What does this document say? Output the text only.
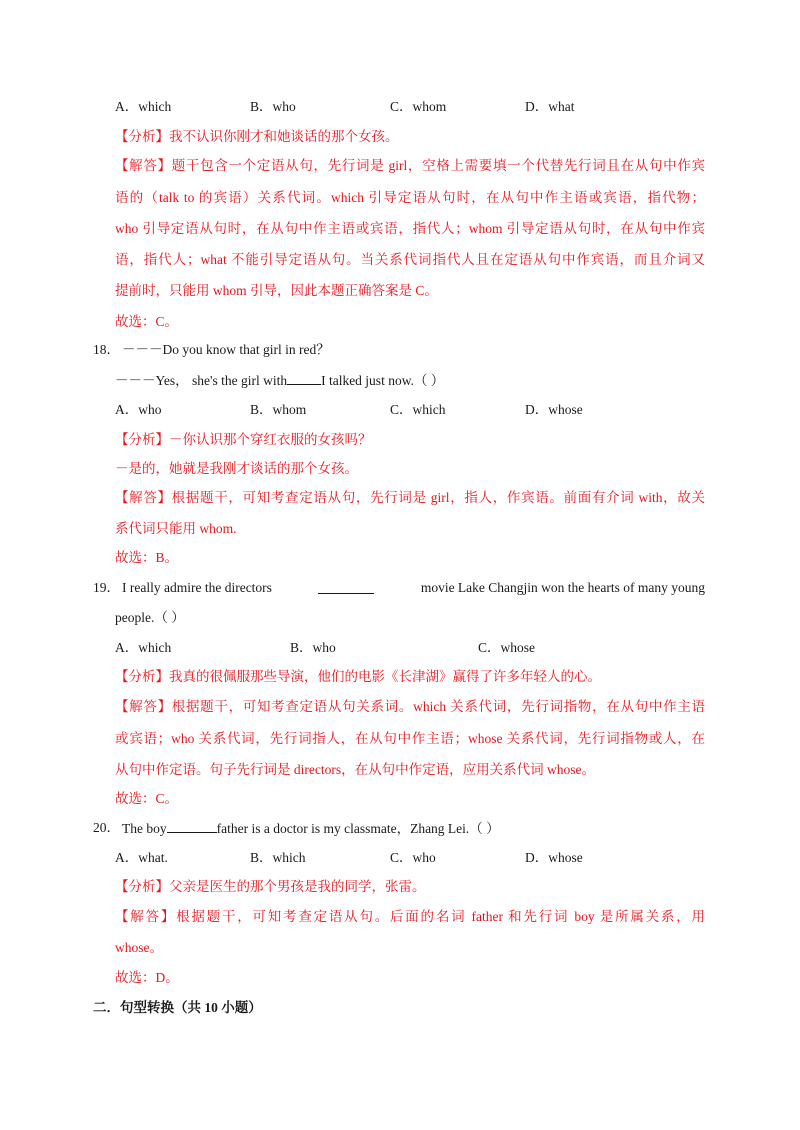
A．which	B．who	C．whom	D．what
【分析】我不认识你刚才和她谈话的那个女孩。
【解答】题干包含一个定语从句，先行词是 girl，空格上需要填一个代替先行词且在从句中作宾
语的（talk to 的宾语）关系代词。which 引导定语从句时，在从句中作主语或宾语，指代物；
who 引导定语从句时，在从句中作主语或宾语，指代人；whom 引导定语从句时，在从句中作宾
语，指代人；what 不能引导定语从句。当关系代词指代人且在定语从句中作宾语，而且介词又
提前时，只能用 whom 引导，因此本题正确答案是 C。
故选：C。
18． －－－Do you know that girl in red？
－－－Yes， she's the girl with	I talked just now.（ ）
A．who	B．whom	C．which	D．whose
【分析】－你认识那个穿红衣服的女孩吗？
－是的，她就是我刚才谈话的那个女孩。
【解答】根据题干，可知考查定语从句，先行词是 girl，指人，作宾语。前面有介词 with，故关
系代词只能用 whom.
故选：B。
19． I really admire the directors	movie Lake Changjin won the hearts of many young
people.（ ）
A．which	B．who	C．whose
【分析】我真的很佩服那些导演，他们的电影《长津湖》赢得了许多年轻人的心。
【解答】根据题干，可知考查定语从句关系词。which 关系代词，先行词指物，在从句中作主语
或宾语；who 关系代词，先行词指人，在从句中作主语；whose 关系代词，先行词指物或人，在
从句中作定语。句子先行词是 directors，在从句中作定语，应用关系代词 whose。
故选：C。
20． The boy	father is a doctor is my classmate，Zhang Lei.（ ）
A．what.	B．which	C．who	D．whose
【分析】父亲是医生的那个男孩是我的同学，张雷。
【解答】根据题干，可知考查定语从句。后面的名词 father 和先行词 boy 是所属关系，用
whose。
故选：D。
二．句型转换（共 10 小题）
